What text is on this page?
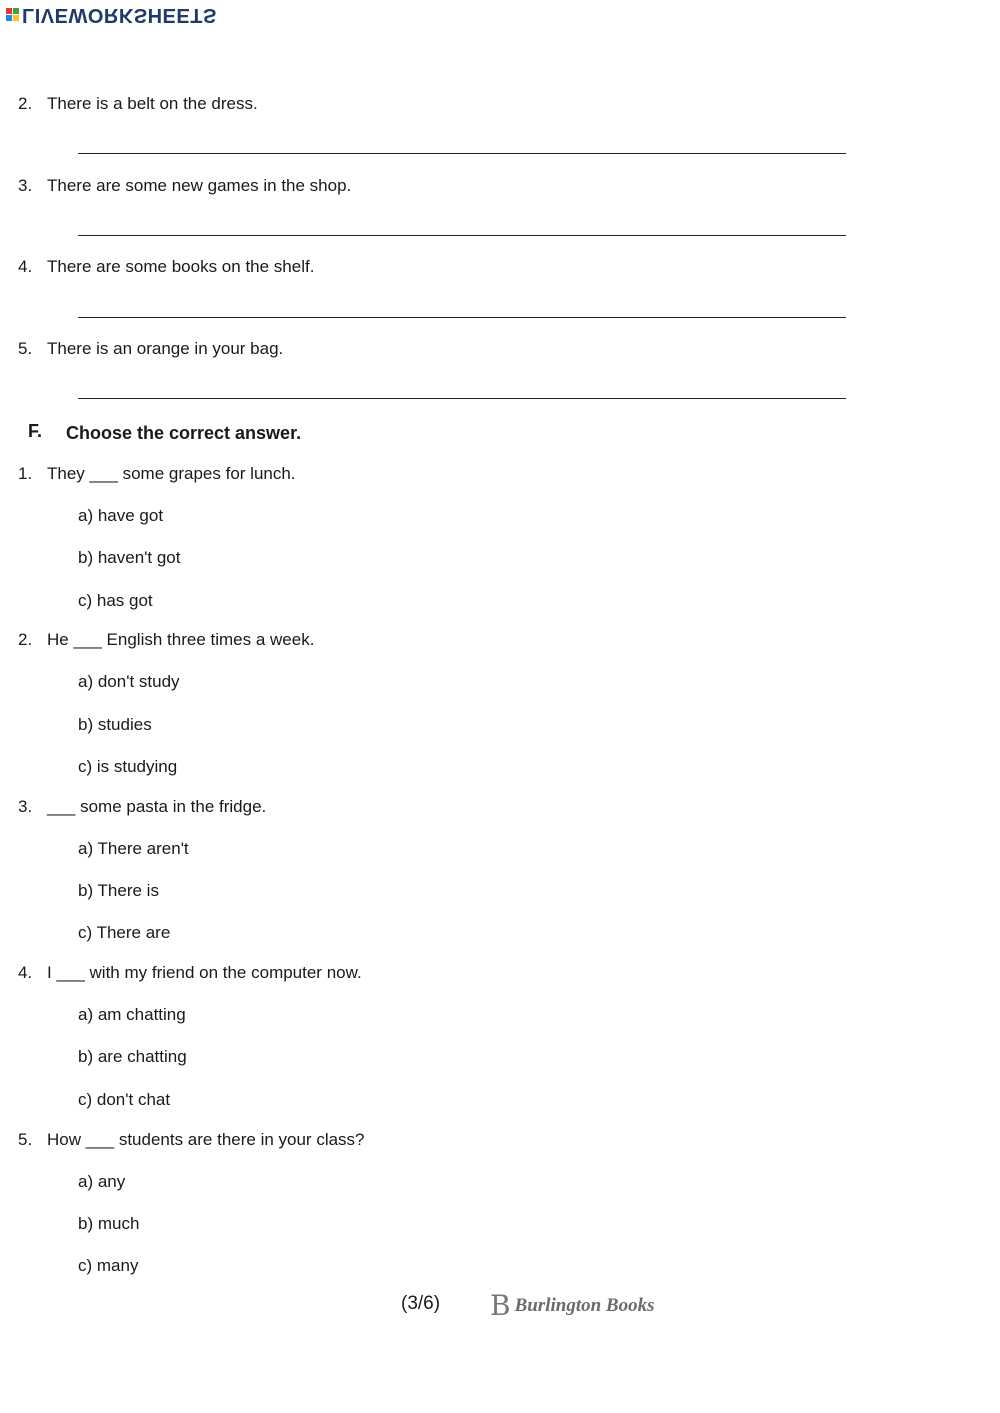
LIVEWORKSHEETS
2. There is a belt on the dress.
3. There are some new games in the shop.
4. There are some books on the shelf.
5. There is an orange in your bag.
F. Choose the correct answer.
1. They ___ some grapes for lunch.
a) have got
b) haven't got
c) has got
2. He ___ English three times a week.
a) don't study
b) studies
c) is studying
3. ___ some pasta in the fridge.
a) There aren't
b) There is
c) There are
4. I ___ with my friend on the computer now.
a) am chatting
b) are chatting
c) don't chat
5. How ___ students are there in your class?
a) any
b) much
c) many
(3/6) B Burlington Books
